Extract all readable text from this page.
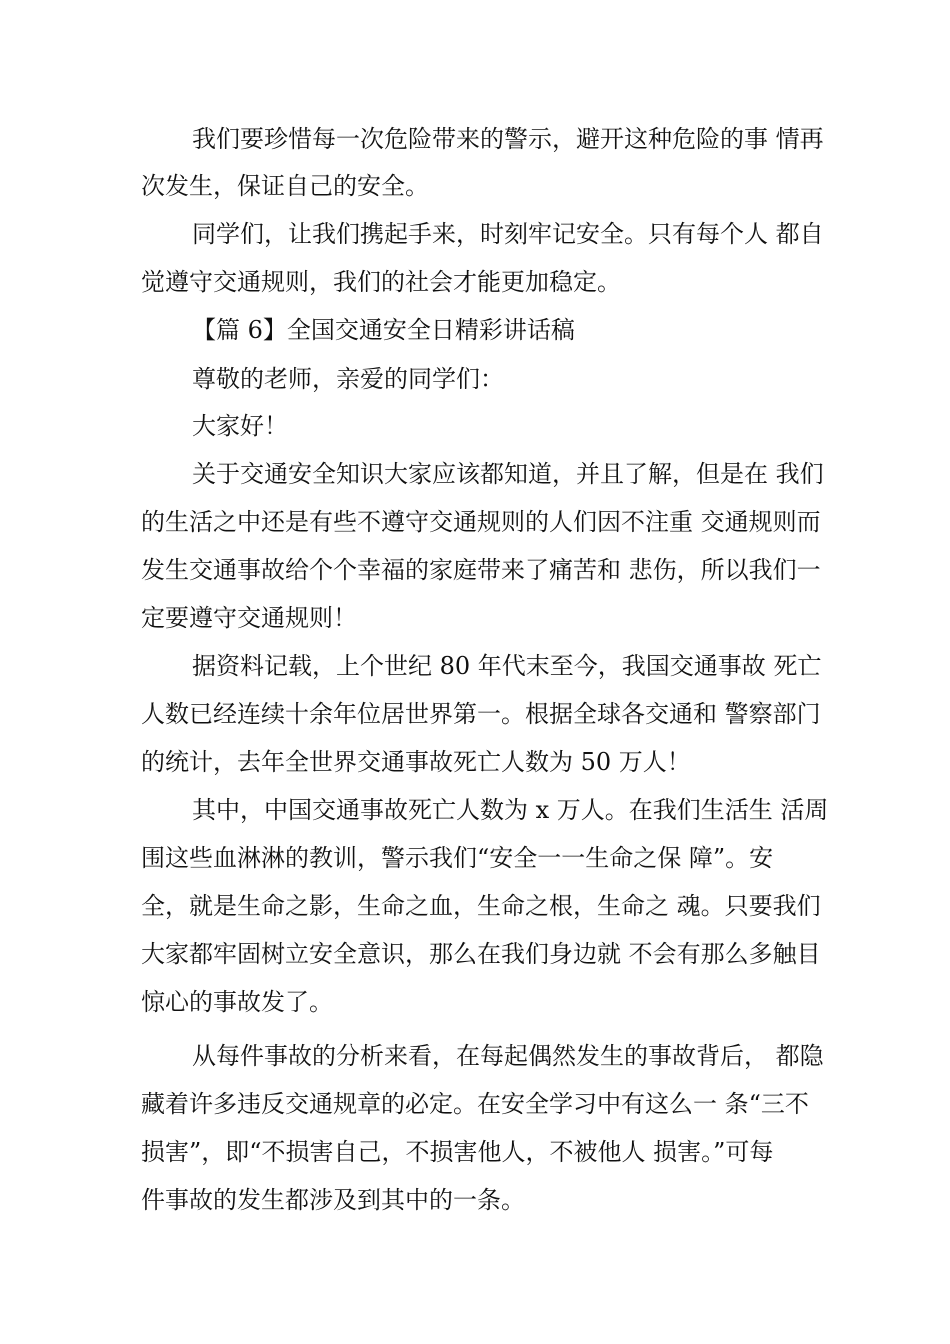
我们要珍惜每一次危险带来的警示，避开这种危险的事 情再
次发生，保证自己的安全。
同学们，让我们携起手来，时刻牢记安全。只有每个人 都自
觉遵守交通规则，我们的社会才能更加稳定。
【篇 6】全国交通安全日精彩讲话稿
尊敬的老师，亲爱的同学们：
大家好！
关于交通安全知识大家应该都知道，并且了解，但是在 我们
的生活之中还是有些不遵守交通规则的人们因不注重 交通规则而
发生交通事故给个个幸福的家庭带来了痛苦和 悲伤，所以我们一
定要遵守交通规则！
据资料记载，上个世纪 80 年代末至今，我国交通事故 死亡
人数已经连续十余年位居世界第一。根据全球各交通和 警察部门
的统计，去年全世界交通事故死亡人数为 50 万人！
其中，中国交通事故死亡人数为 x 万人。在我们生活生 活周
围这些血淋淋的教训，警示我们“安全一一生命之保 障”。安
全，就是生命之影，生命之血，生命之根，生命之 魂。只要我们
大家都牢固树立安全意识，那么在我们身边就 不会有那么多触目
惊心的事故发了。
从每件事故的分析来看，在每起偶然发生的事故背后， 都隐
藏着许多违反交通规章的必定。在安全学习中有这么一 条“三不
损害”，即“不损害自己，不损害他人，不被他人 损害。”可每
件事故的发生都涉及到其中的一条。
